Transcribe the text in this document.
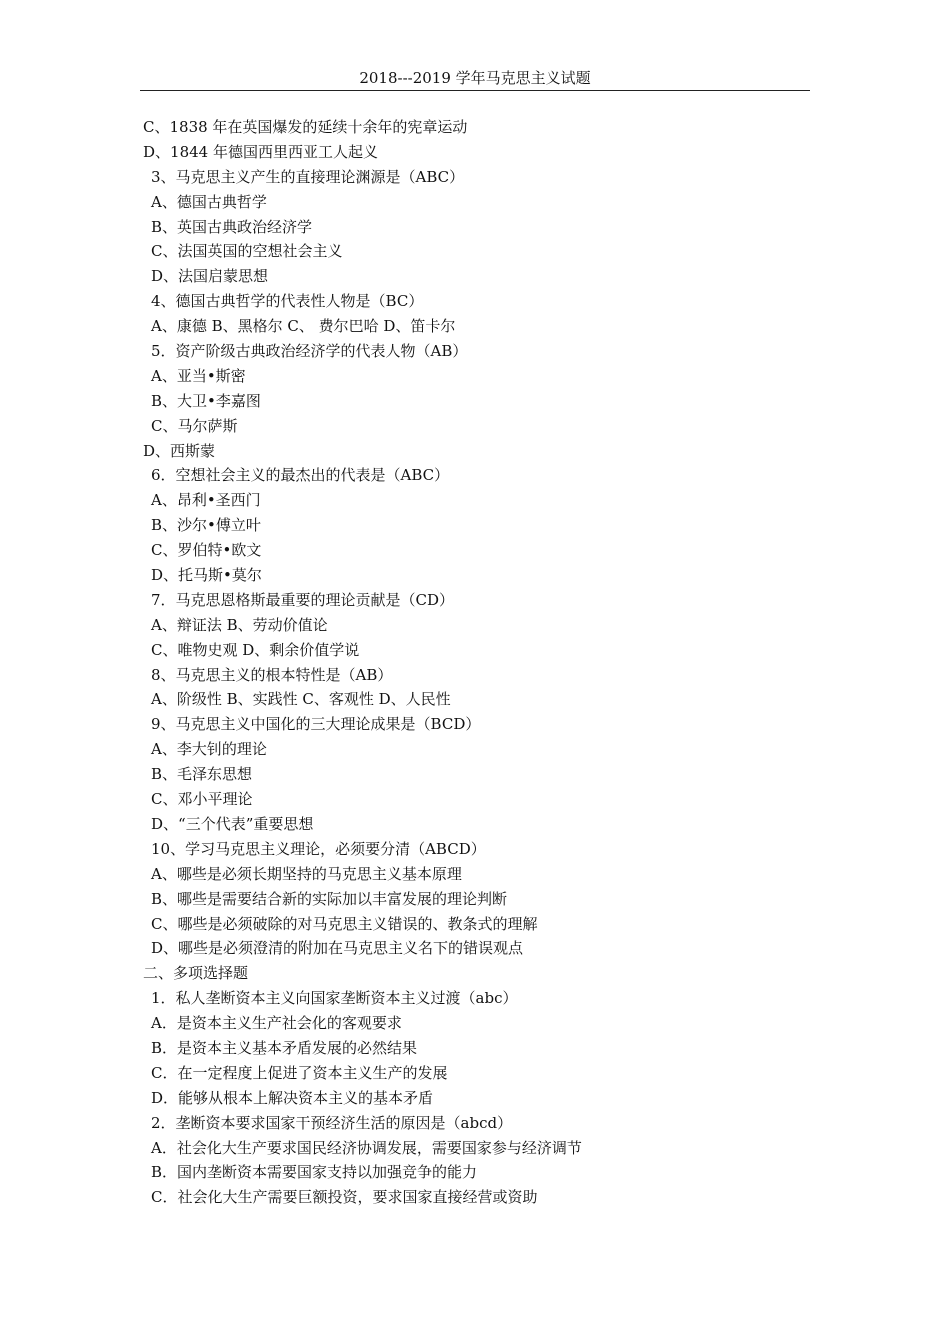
2018---2019 学年马克思主义试题
C、1838 年在英国爆发的延续十余年的宪章运动
D、1844 年德国西里西亚工人起义
3、马克思主义产生的直接理论渊源是（ABC）
A、德国古典哲学
B、英国古典政治经济学
C、法国英国的空想社会主义
D、法国启蒙思想
4、德国古典哲学的代表性人物是（BC）
A、康德 B、黑格尔 C、 费尔巴哈 D、笛卡尔
5．资产阶级古典政治经济学的代表人物（AB）
A、亚当•斯密
B、大卫•李嘉图
C、马尔萨斯
D、西斯蒙
6．空想社会主义的最杰出的代表是（ABC）
A、昂利•圣西门
B、沙尔•傅立叶
C、罗伯特•欧文
D、托马斯•莫尔
7．马克思恩格斯最重要的理论贡献是（CD）
A、辩证法 B、劳动价值论
C、唯物史观 D、剩余价值学说
8、马克思主义的根本特性是（AB）
A、阶级性 B、实践性 C、客观性 D、人民性
9、马克思主义中国化的三大理论成果是（BCD）
A、李大钊的理论
B、毛泽东思想
C、邓小平理论
D、“三个代表”重要思想
10、学习马克思主义理论，必须要分清（ABCD）
A、哪些是必须长期坚持的马克思主义基本原理
B、哪些是需要结合新的实际加以丰富发展的理论判断
C、哪些是必须破除的对马克思主义错误的、教条式的理解
D、哪些是必须澄清的附加在马克思主义名下的错误观点
二、多项选择题
1．私人垄断资本主义向国家垄断资本主义过渡（abc）
A．是资本主义生产社会化的客观要求
B．是资本主义基本矛盾发展的必然结果
C．在一定程度上促进了资本主义生产的发展
D．能够从根本上解决资本主义的基本矛盾
2．垄断资本要求国家干预经济生活的原因是（abcd）
A．社会化大生产要求国民经济协调发展，需要国家参与经济调节
B．国内垄断资本需要国家支持以加强竞争的能力
C．社会化大生产需要巨额投资，要求国家直接经营或资助
